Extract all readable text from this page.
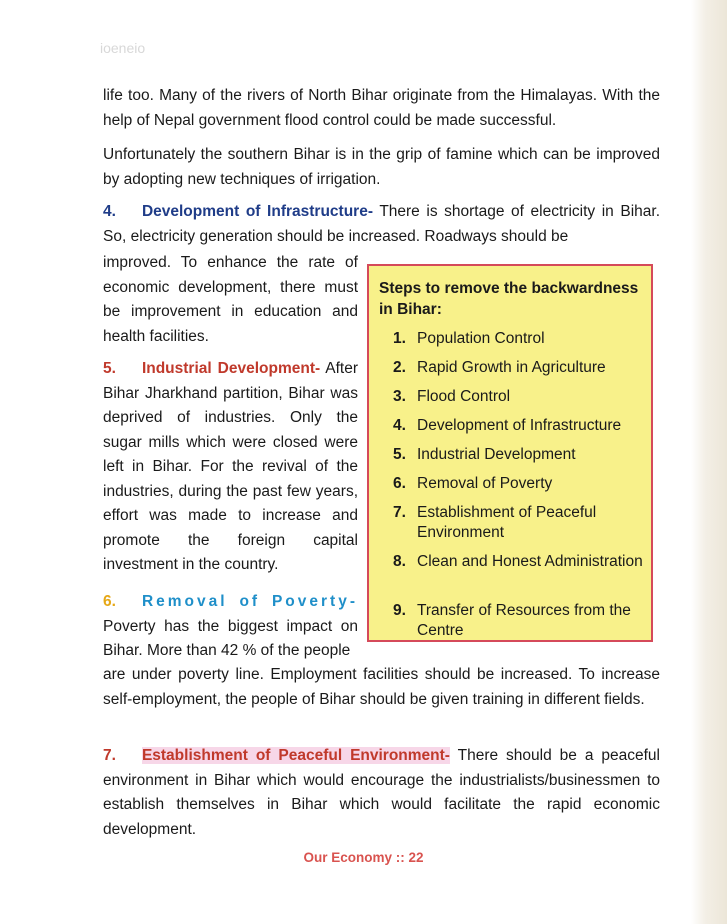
ioeneio

life too. Many of the rivers of North Bihar originate from the Himalayas. With the help of Nepal government flood control could be made successful.

Unfortunately the southern Bihar is in the grip of famine which can be improved by adopting new techniques of irrigation.

4. Development of Infrastructure- There is shortage of electricity in Bihar. So, electricity generation should be increased. Roadways should be

improved. To enhance the rate of economic development, there must be improvement in education and health facilities.

5. Industrial Development- After Bihar Jharkhand partition, Bihar was deprived of industries. Only the sugar mills which were closed were left in Bihar. For the revival of the industries, during the past few years, effort was made to increase and promote the foreign capital investment in the country.

6. Removal of Poverty- Poverty has the biggest impact on Bihar. More than 42 % of the people

are under poverty line. Employment facilities should be increased. To increase self-employment, the people of Bihar should be given training in different fields.

7. Establishment of Peaceful Environment- There should be a peaceful environment in Bihar which would encourage the industrialists/businessmen to establish themselves in Bihar which would facilitate the rapid economic development.

Steps to remove the backwardness in Bihar:
1. Population Control
2. Rapid Growth in Agriculture
3. Flood Control
4. Development of Infrastructure
5. Industrial Development
6. Removal of Poverty
7. Establishment of Peaceful Environment
8. Clean and Honest Administration
9. Transfer of Resources from the Centre
Our Economy :: 22
